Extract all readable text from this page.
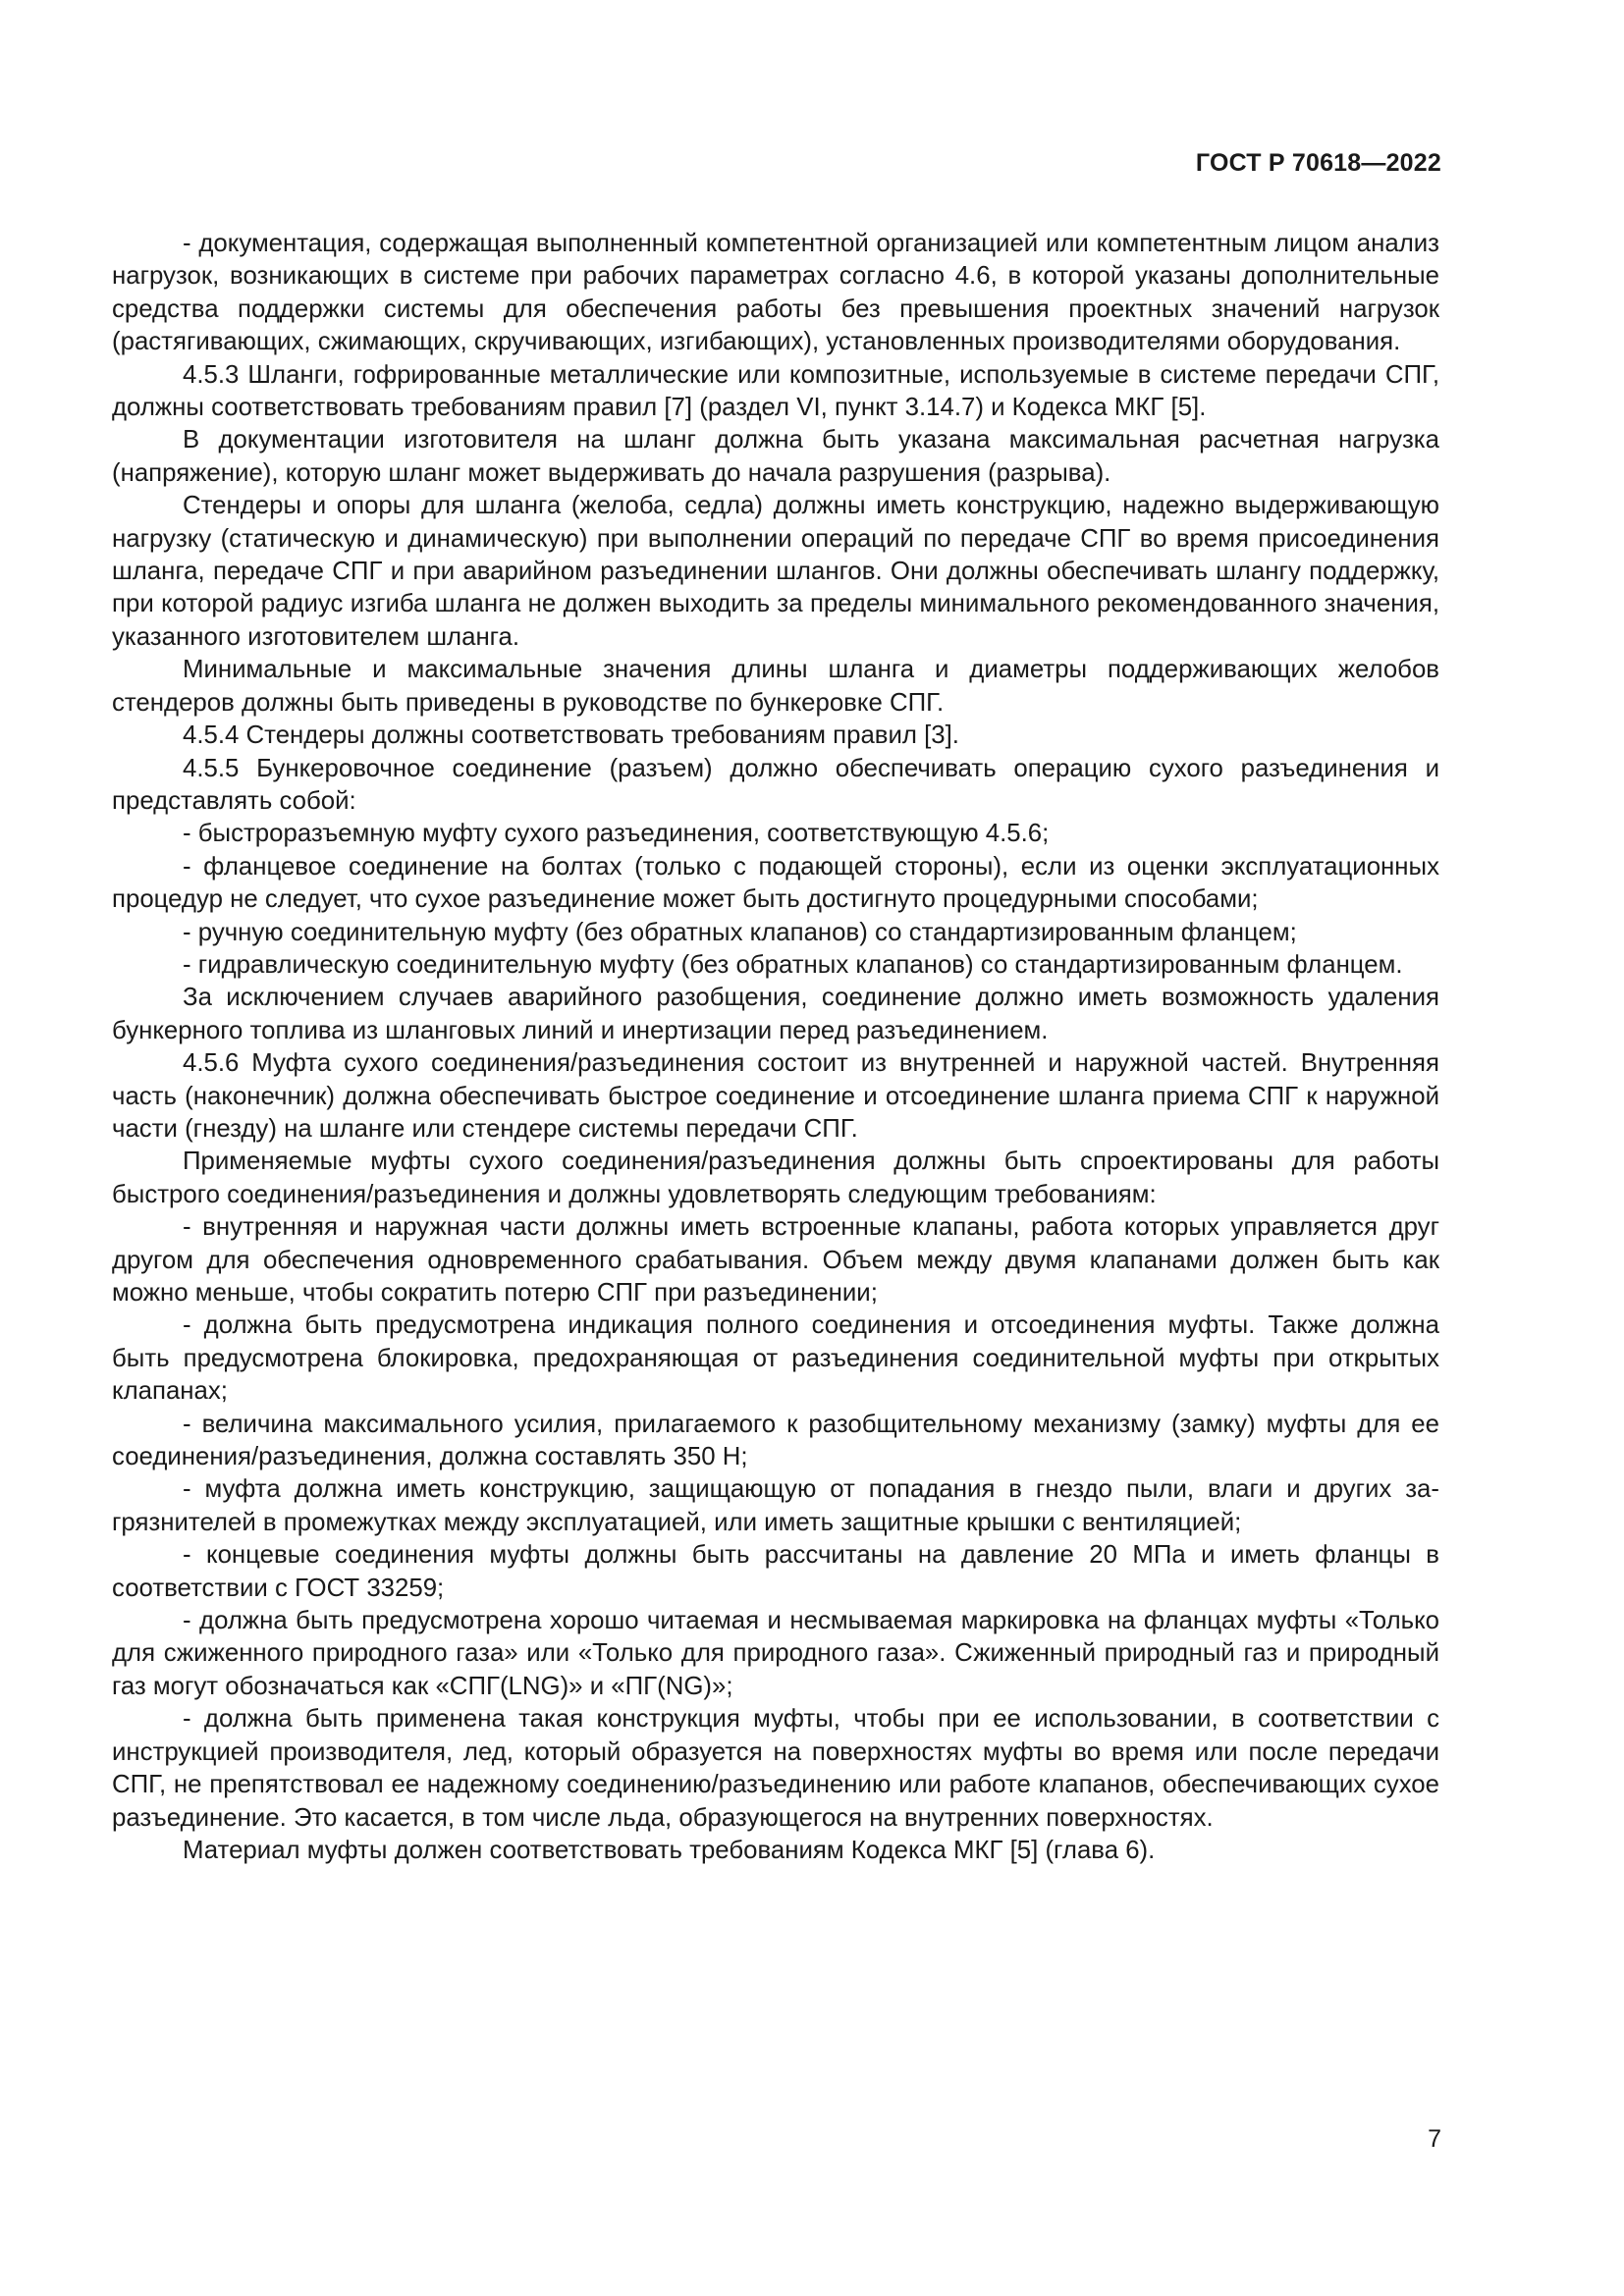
ГОСТ Р 70618—2022

- документация, содержащая выполненный компетентной организацией или компетентным лицом анализ нагрузок, возникающих в системе при рабочих параметрах согласно 4.6, в которой указаны дополнительные средства поддержки системы для обеспечения работы без превышения проектных значений нагрузок (растягивающих, сжимающих, скручивающих, изгибающих), установленных производителями оборудования.

4.5.3 Шланги, гофрированные металлические или композитные, используемые в системе передачи СПГ, должны соответствовать требованиям правил [7] (раздел VI, пункт 3.14.7) и Кодекса МКГ [5].

В документации изготовителя на шланг должна быть указана максимальная расчетная нагрузка (напряжение), которую шланг может выдерживать до начала разрушения (разрыва).

Стендеры и опоры для шланга (желоба, седла) должны иметь конструкцию, надежно выдерживающую нагрузку (статическую и динамическую) при выполнении операций по передаче СПГ во время присоединения шланга, передаче СПГ и при аварийном разъединении шлангов. Они должны обеспечивать шлангу поддержку, при которой радиус изгиба шланга не должен выходить за пределы минимального рекомендованного значения, указанного изготовителем шланга.

Минимальные и максимальные значения длины шланга и диаметры поддерживающих желобов стендеров должны быть приведены в руководстве по бункеровке СПГ.

4.5.4 Стендеры должны соответствовать требованиям правил [3].

4.5.5 Бункеровочное соединение (разъем) должно обеспечивать операцию сухого разъединения и представлять собой:

- быстроразъемную муфту сухого разъединения, соответствующую 4.5.6;

- фланцевое соединение на болтах (только с подающей стороны), если из оценки эксплуатационных процедур не следует, что сухое разъединение может быть достигнуто процедурными способами;

- ручную соединительную муфту (без обратных клапанов) со стандартизированным фланцем;

- гидравлическую соединительную муфту (без обратных клапанов) со стандартизированным фланцем.

За исключением случаев аварийного разобщения, соединение должно иметь возможность удаления бункерного топлива из шланговых линий и инертизации перед разъединением.

4.5.6 Муфта сухого соединения/разъединения состоит из внутренней и наружной частей. Внутренняя часть (наконечник) должна обеспечивать быстрое соединение и отсоединение шланга приема СПГ к наружной части (гнезду) на шланге или стендере системы передачи СПГ.

Применяемые муфты сухого соединения/разъединения должны быть спроектированы для работы быстрого соединения/разъединения и должны удовлетворять следующим требованиям:

- внутренняя и наружная части должны иметь встроенные клапаны, работа которых управляется друг другом для обеспечения одновременного срабатывания. Объем между двумя клапанами должен быть как можно меньше, чтобы сократить потерю СПГ при разъединении;

- должна быть предусмотрена индикация полного соединения и отсоединения муфты. Также должна быть предусмотрена блокировка, предохраняющая от разъединения соединительной муфты при открытых клапанах;

- величина максимального усилия, прилагаемого к разобщительному механизму (замку) муфты для ее соединения/разъединения, должна составлять 350 Н;

- муфта должна иметь конструкцию, защищающую от попадания в гнездо пыли, влаги и других загрязнителей в промежутках между эксплуатацией, или иметь защитные крышки с вентиляцией;

- концевые соединения муфты должны быть рассчитаны на давление 20 МПа и иметь фланцы в соответствии с ГОСТ 33259;

- должна быть предусмотрена хорошо читаемая и несмываемая маркировка на фланцах муфты «Только для сжиженного природного газа» или «Только для природного газа». Сжиженный природный газ и природный газ могут обозначаться как «СПГ(LNG)» и «ПГ(NG)»;

- должна быть применена такая конструкция муфты, чтобы при ее использовании, в соответствии с инструкцией производителя, лед, который образуется на поверхностях муфты во время или после передачи СПГ, не препятствовал ее надежному соединению/разъединению или работе клапанов, обеспечивающих сухое разъединение. Это касается, в том числе льда, образующегося на внутренних поверхностях.

Материал муфты должен соответствовать требованиям Кодекса МКГ [5] (глава 6).

7
